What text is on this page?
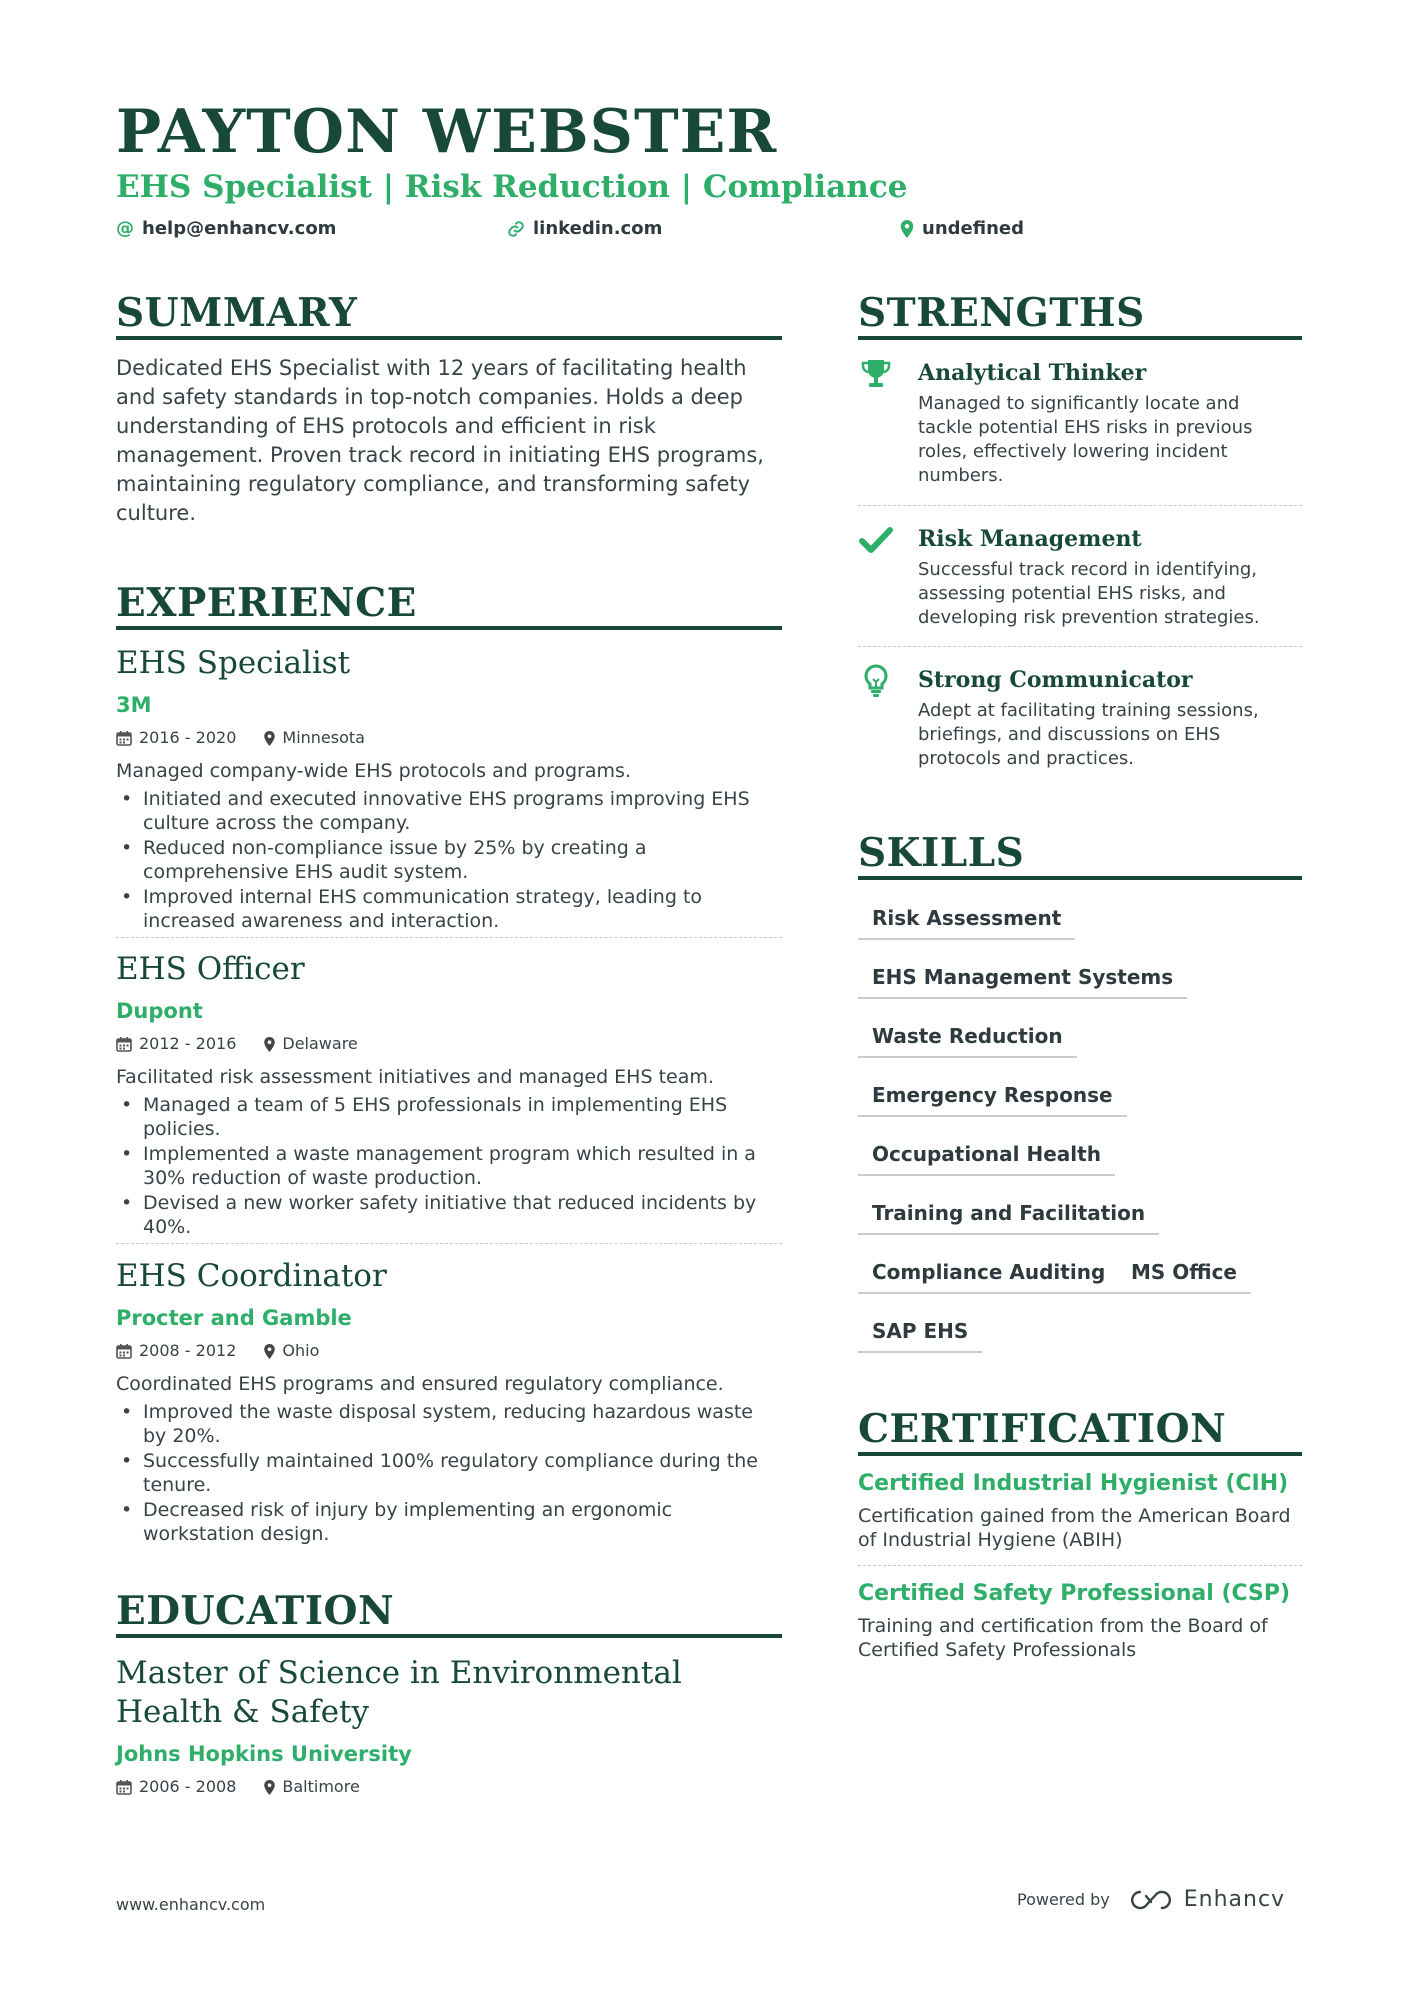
PAYTON WEBSTER
EHS Specialist | Risk Reduction | Compliance
@ help@enhancv.com	linkedin.com	undefined
SUMMARY
Dedicated EHS Specialist with 12 years of facilitating health and safety standards in top-notch companies. Holds a deep understanding of EHS protocols and efficient in risk management. Proven track record in initiating EHS programs, maintaining regulatory compliance, and transforming safety culture.
EXPERIENCE
EHS Specialist
3M
2016 - 2020	Minnesota
Managed company-wide EHS protocols and programs.
• Initiated and executed innovative EHS programs improving EHS culture across the company.
• Reduced non-compliance issue by 25% by creating a comprehensive EHS audit system.
• Improved internal EHS communication strategy, leading to increased awareness and interaction.
EHS Officer
Dupont
2012 - 2016	Delaware
Facilitated risk assessment initiatives and managed EHS team.
• Managed a team of 5 EHS professionals in implementing EHS policies.
• Implemented a waste management program which resulted in a 30% reduction of waste production.
• Devised a new worker safety initiative that reduced incidents by 40%.
EHS Coordinator
Procter and Gamble
2008 - 2012	Ohio
Coordinated EHS programs and ensured regulatory compliance.
• Improved the waste disposal system, reducing hazardous waste by 20%.
• Successfully maintained 100% regulatory compliance during the tenure.
• Decreased risk of injury by implementing an ergonomic workstation design.
EDUCATION
Master of Science in Environmental Health & Safety
Johns Hopkins University
2006 - 2008	Baltimore
STRENGTHS
Analytical Thinker
Managed to significantly locate and tackle potential EHS risks in previous roles, effectively lowering incident numbers.
Risk Management
Successful track record in identifying, assessing potential EHS risks, and developing risk prevention strategies.
Strong Communicator
Adept at facilitating training sessions, briefings, and discussions on EHS protocols and practices.
SKILLS
Risk Assessment
EHS Management Systems
Waste Reduction
Emergency Response
Occupational Health
Training and Facilitation
Compliance Auditing	MS Office
SAP EHS
CERTIFICATION
Certified Industrial Hygienist (CIH)
Certification gained from the American Board of Industrial Hygiene (ABIH)
Certified Safety Professional (CSP)
Training and certification from the Board of Certified Safety Professionals
www.enhancv.com	Powered by	Enhancv
